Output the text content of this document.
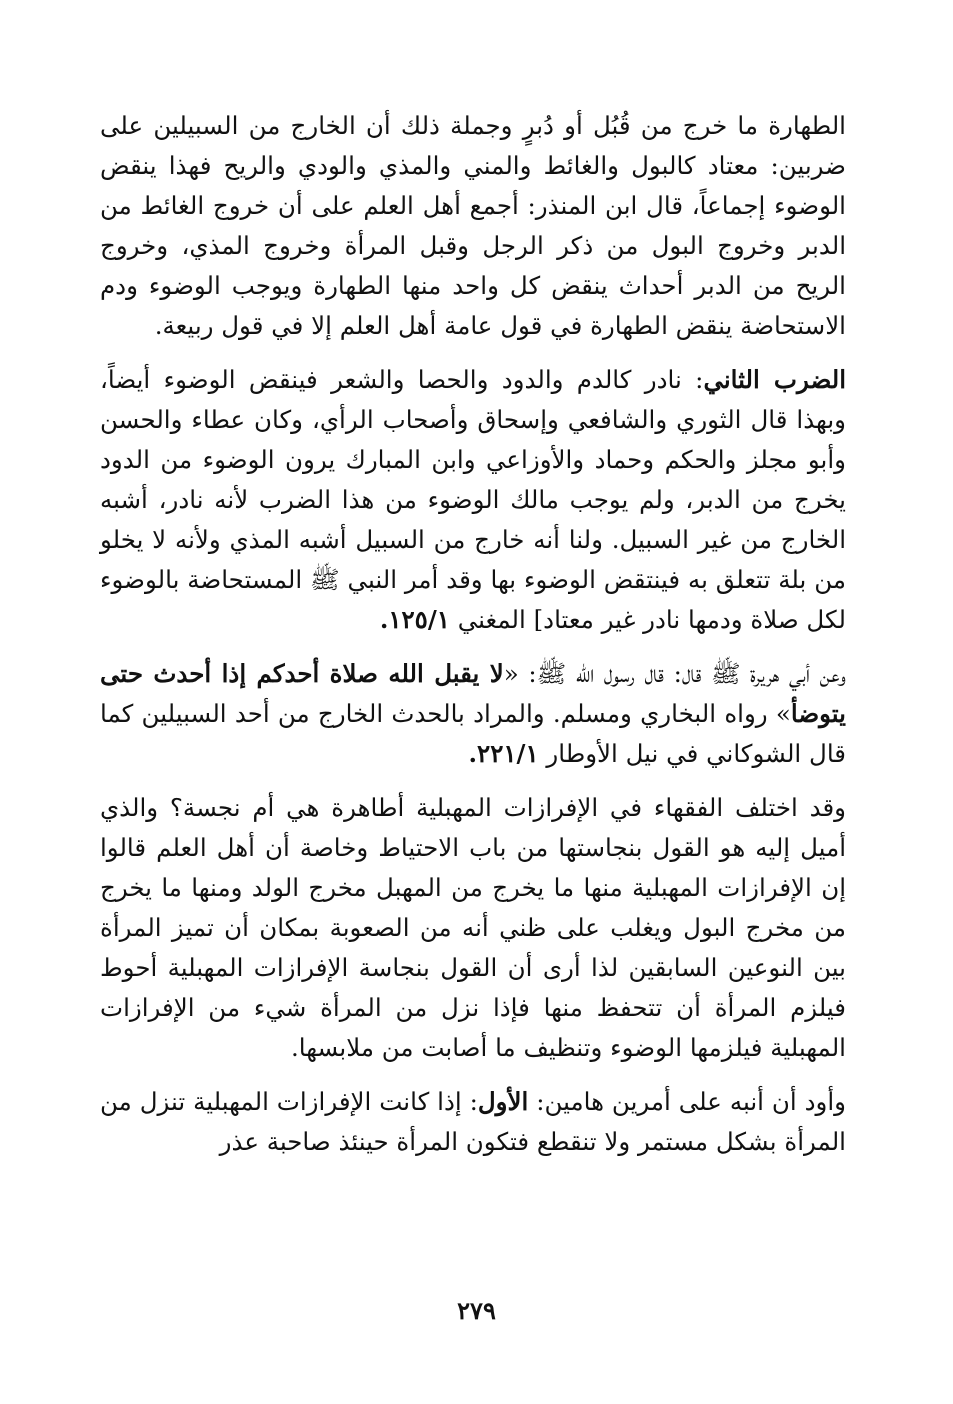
الطهارة ما خرج من قُبُل أو دُبرٍ وجملة ذلك أن الخارج من السبيلين على ضربين: معتاد كالبول والغائط والمني والمذي والودي والريح فهذا ينقض الوضوء إجماعاً، قال ابن المنذر: أجمع أهل العلم على أن خروج الغائط من الدبر وخروج البول من ذكر الرجل وقبل المرأة وخروج المذي، وخروج الريح من الدبر أحداث ينقض كل واحد منها الطهارة ويوجب الوضوء ودم الاستحاضة ينقض الطهارة في قول عامة أهل العلم إلا في قول ربيعة.

الضرب الثاني: نادر كالدم والدود والحصا والشعر فينقض الوضوء أيضاً، وبهذا قال الثوري والشافعي وإسحاق وأصحاب الرأي، وكان عطاء والحسن وأبو مجلز والحكم وحماد والأوزاعي وابن المبارك يرون الوضوء من الدود يخرج من الدبر، ولم يوجب مالك الوضوء من هذا الضرب لأنه نادر، أشبه الخارج من غير السبيل. ولنا أنه خارج من السبيل أشبه المذي ولأنه لا يخلو من بلة تتعلق به فينتقض الوضوء بها وقد أمر النبي ﷺ المستحاضة بالوضوء لكل صلاة ودمها نادر غير معتاد] المغني ١٢٥/١.

وعن أبي هريرة ﷺ قال: قال رسول الله ﷺ: «لا يقبل الله صلاة أحدكم إذا أحدث حتى يتوضأ» رواه البخاري ومسلم. والمراد بالحدث الخارج من أحد السبيلين كما قال الشوكاني في نيل الأوطار ٢٢١/١.

وقد اختلف الفقهاء في الإفرازات المهبلية أطاهرة هي أم نجسة؟ والذي أميل إليه هو القول بنجاستها من باب الاحتياط وخاصة أن أهل العلم قالوا إن الإفرازات المهبلية منها ما يخرج من المهبل مخرج الولد ومنها ما يخرج من مخرج البول ويغلب على ظني أنه من الصعوبة بمكان أن تميز المرأة بين النوعين السابقين لذا أرى أن القول بنجاسة الإفرازات المهبلية أحوط فيلزم المرأة أن تتحفظ منها فإذا نزل من المرأة شيء من الإفرازات المهبلية فيلزمها الوضوء وتنظيف ما أصابت من ملابسها.

وأود أن أنبه على أمرين هامين: الأول: إذا كانت الإفرازات المهبلية تنزل من المرأة بشكل مستمر ولا تنقطع فتكون المرأة حينئذ صاحبة عذر

٢٧٩
